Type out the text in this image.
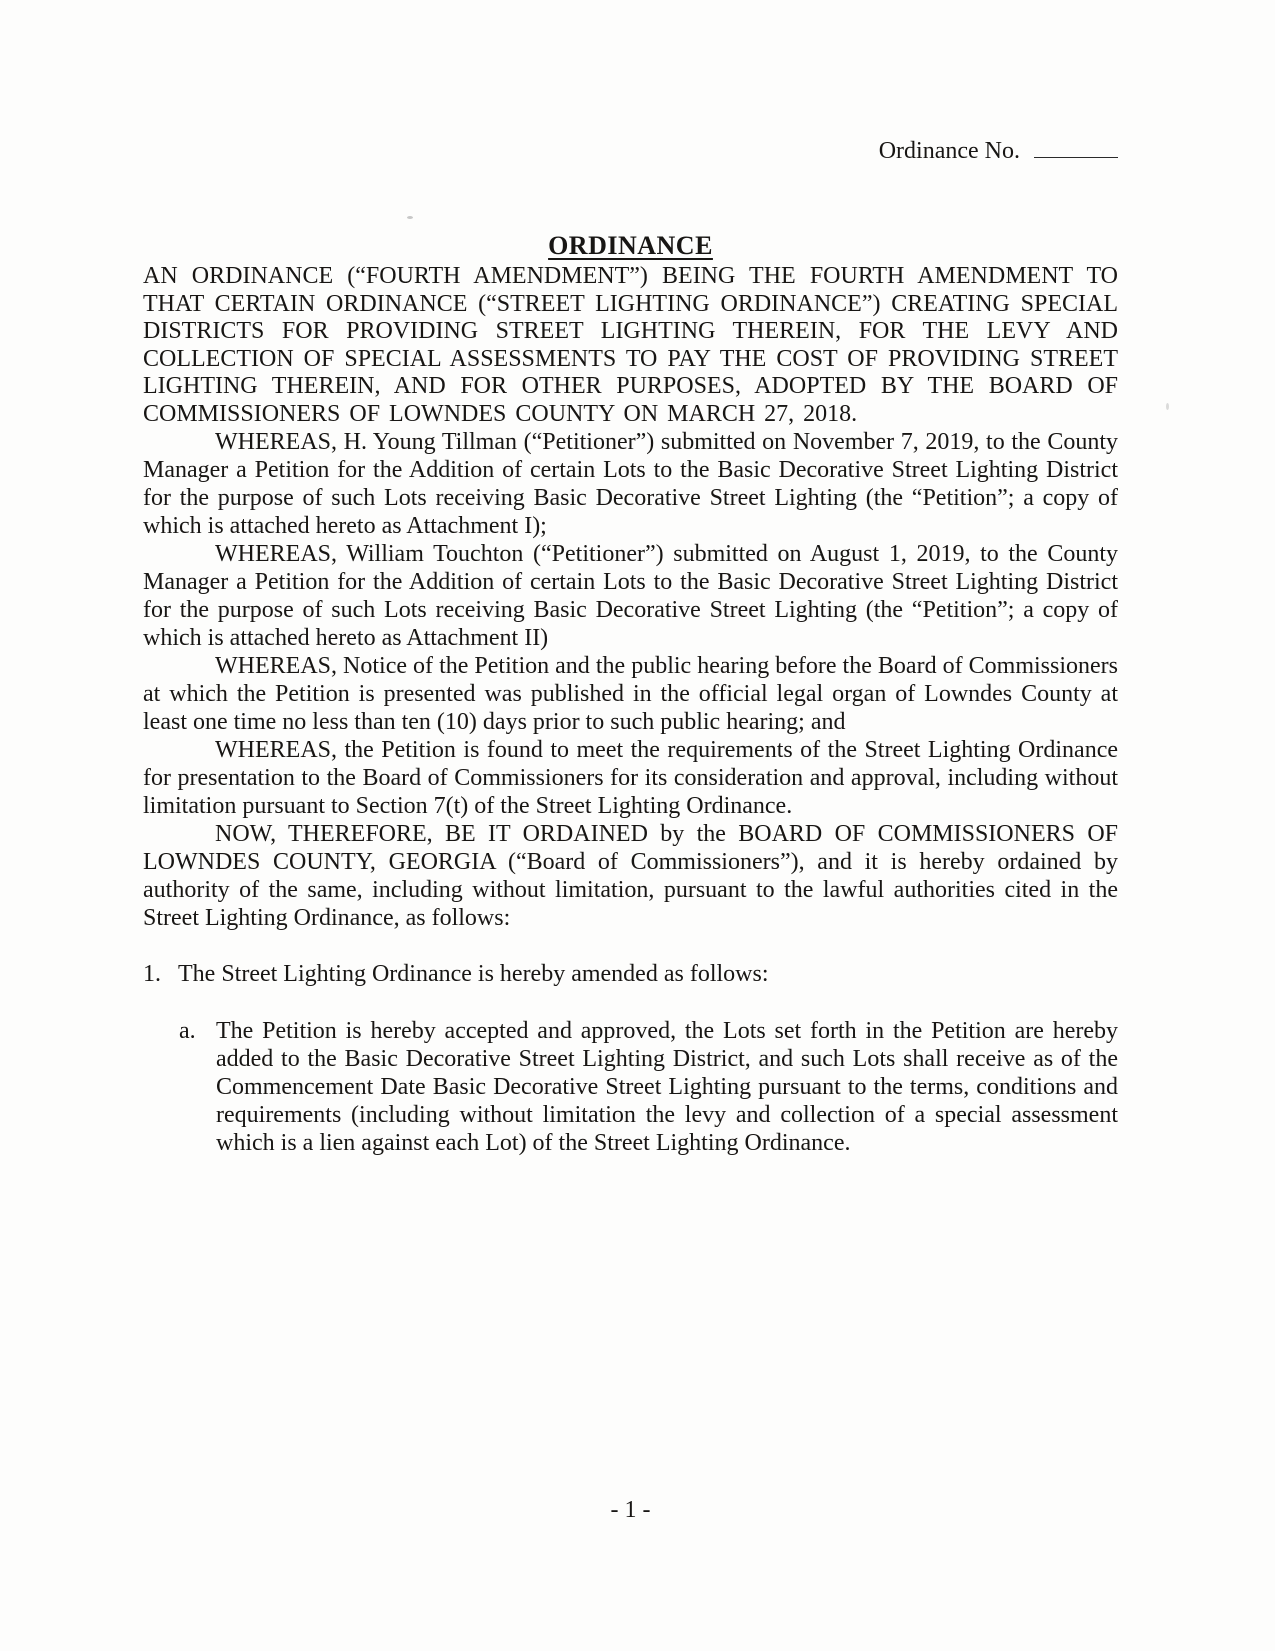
Ordinance No.
ORDINANCE

AN ORDINANCE (“FOURTH AMENDMENT”) BEING THE FOURTH AMENDMENT TO THAT CERTAIN ORDINANCE (“STREET LIGHTING ORDINANCE”) CREATING SPECIAL DISTRICTS FOR PROVIDING STREET LIGHTING THEREIN, FOR THE LEVY AND COLLECTION OF SPECIAL ASSESSMENTS TO PAY THE COST OF PROVIDING STREET LIGHTING THEREIN, AND FOR OTHER PURPOSES, ADOPTED BY THE BOARD OF COMMISSIONERS OF LOWNDES COUNTY ON MARCH 27, 2018.

WHEREAS, H. Young Tillman (“Petitioner”) submitted on November 7, 2019, to the County Manager a Petition for the Addition of certain Lots to the Basic Decorative Street Lighting District for the purpose of such Lots receiving Basic Decorative Street Lighting (the “Petition”; a copy of which is attached hereto as Attachment I);

WHEREAS, William Touchton (“Petitioner”) submitted on August 1, 2019, to the County Manager a Petition for the Addition of certain Lots to the Basic Decorative Street Lighting District for the purpose of such Lots receiving Basic Decorative Street Lighting (the “Petition”; a copy of which is attached hereto as Attachment II)

WHEREAS, Notice of the Petition and the public hearing before the Board of Commissioners at which the Petition is presented was published in the official legal organ of Lowndes County at least one time no less than ten (10) days prior to such public hearing; and

WHEREAS, the Petition is found to meet the requirements of the Street Lighting Ordinance for presentation to the Board of Commissioners for its consideration and approval, including without limitation pursuant to Section 7(t) of the Street Lighting Ordinance.

NOW, THEREFORE, BE IT ORDAINED by the BOARD OF COMMISSIONERS OF LOWNDES COUNTY, GEORGIA (“Board of Commissioners”), and it is hereby ordained by authority of the same, including without limitation, pursuant to the lawful authorities cited in the Street Lighting Ordinance, as follows:

1. The Street Lighting Ordinance is hereby amended as follows:
a. The Petition is hereby accepted and approved, the Lots set forth in the Petition are hereby added to the Basic Decorative Street Lighting District, and such Lots shall receive as of the Commencement Date Basic Decorative Street Lighting pursuant to the terms, conditions and requirements (including without limitation the levy and collection of a special assessment which is a lien against each Lot) of the Street Lighting Ordinance.
- 1 -
